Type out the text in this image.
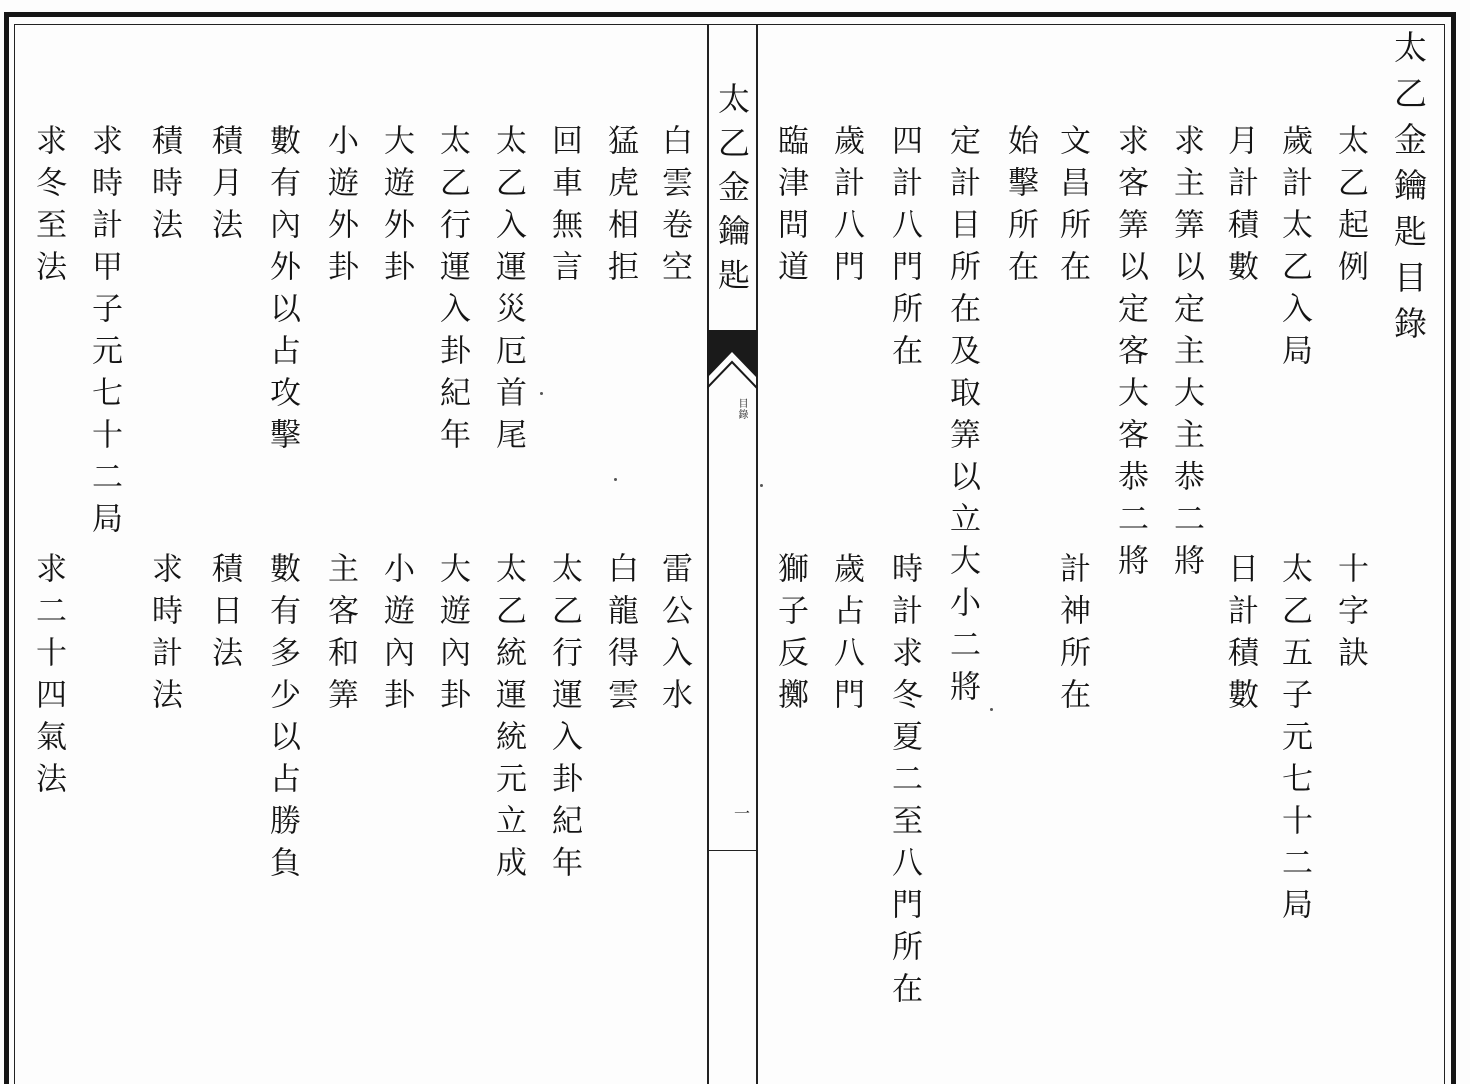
太乙金鑰匙
目錄
一
太乙金鑰匙目錄
太乙起例
歲計太乙入局
月計積數
求主筭以定主大主恭二將
求客筭以定客大客恭二將
文昌所在
始擊所在
定計目所在及取筭以立大小二將
四計八門所在
歲計八門
臨津問道
十字訣
太乙五子元七十二局
日計積數
計神所在
時計求冬夏二至八門所在
歲占八門
獅子反擲
白雲卷空
猛虎相拒
回車無言
太乙入運災厄首尾
太乙行運入卦紀年
大遊外卦
小遊外卦
數有內外以占攻擊
積月法
積時法
求時計甲子元七十二局
求冬至法
雷公入水
白龍得雲
太乙行運入卦紀年
太乙統運統元立成
大遊內卦
小遊內卦
主客和筭
數有多少以占勝負
積日法
求時計法
求二十四氣法
